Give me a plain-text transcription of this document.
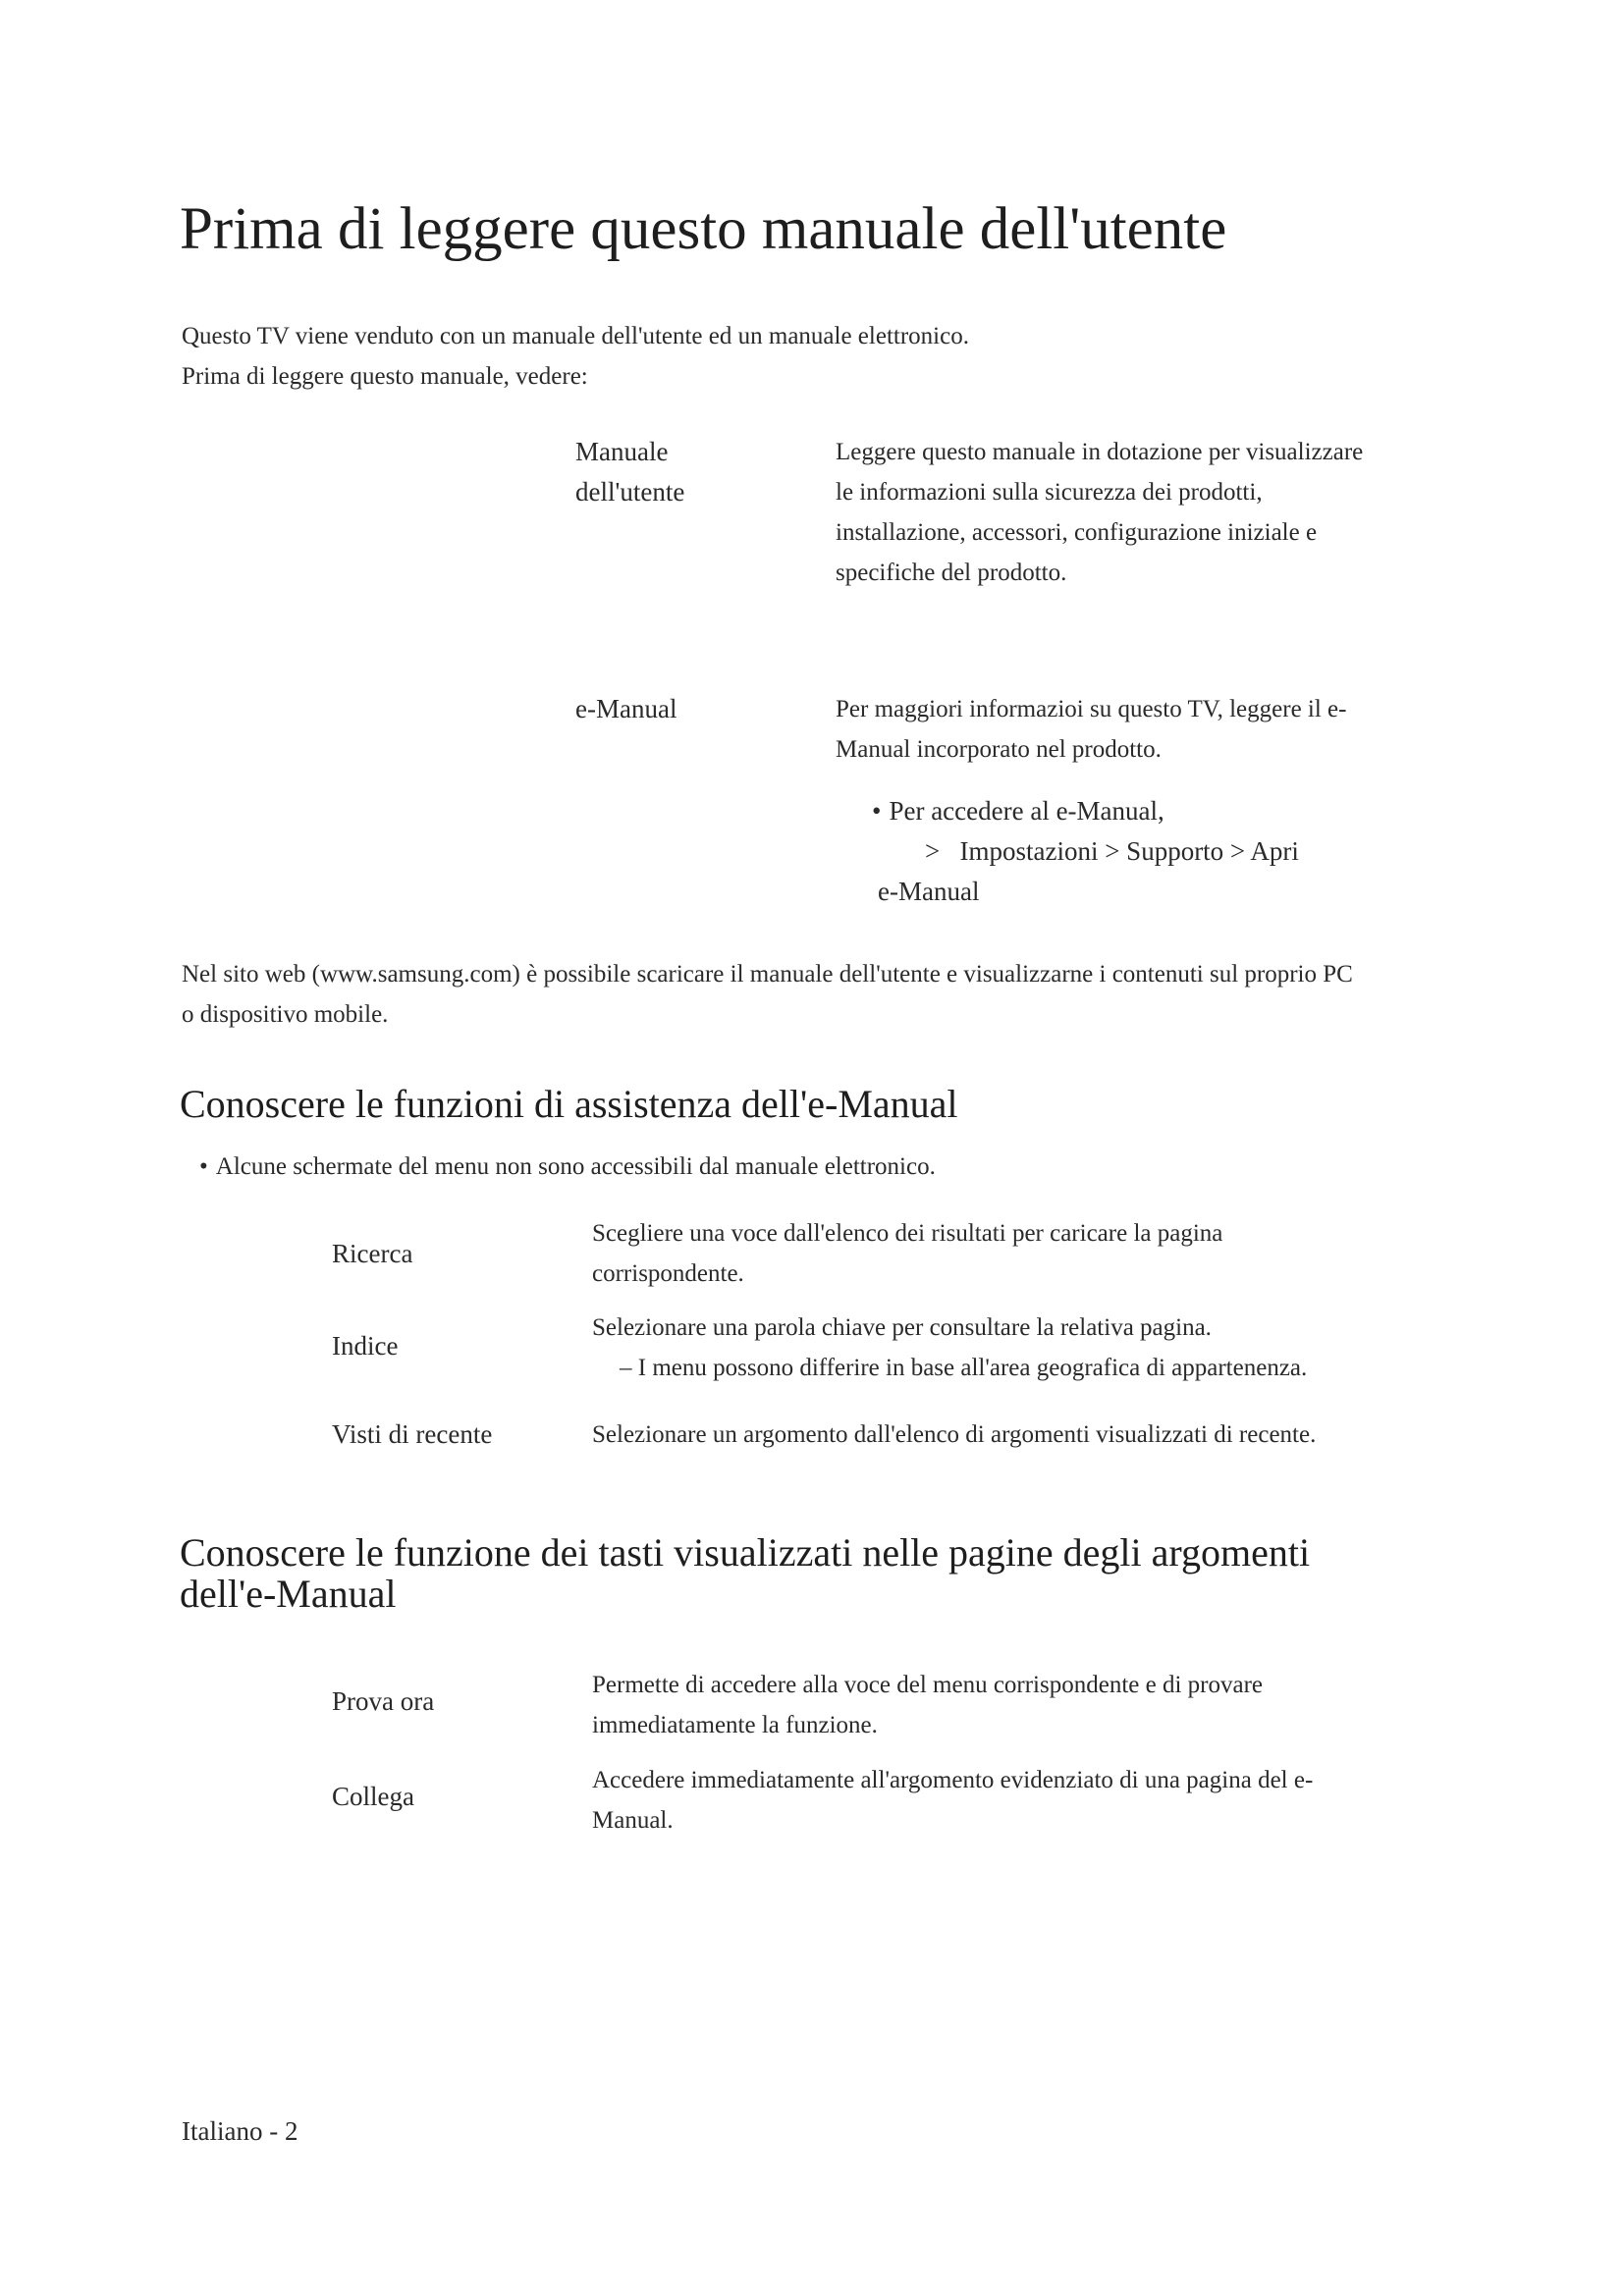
Prima di leggere questo manuale dell'utente
Questo TV viene venduto con un manuale dell'utente ed un manuale elettronico.
Prima di leggere questo manuale, vedere:
Manuale
dell'utente
Leggere questo manuale in dotazione per visualizzare le informazioni sulla sicurezza dei prodotti, installazione, accessori, configurazione iniziale e specifiche del prodotto.
e-Manual	Per maggiori informazioi su questo TV, leggere il e-Manual incorporato nel prodotto.
• Per accedere al e-Manual,
>   Impostazioni > Supporto > Apri
e-Manual
Nel sito web (www.samsung.com) è possibile scaricare il manuale dell'utente e visualizzarne i contenuti sul proprio PC o dispositivo mobile.
Conoscere le funzioni di assistenza dell'e-Manual
• Alcune schermate del menu non sono accessibili dal manuale elettronico.
Ricerca
Scegliere una voce dall'elenco dei risultati per caricare la pagina corrispondente.
Indice
Selezionare una parola chiave per consultare la relativa pagina.
– I menu possono differire in base all'area geografica di appartenenza.
Visti di recente	Selezionare un argomento dall'elenco di argomenti visualizzati di recente.
Conoscere le funzione dei tasti visualizzati nelle pagine degli argomenti dell'e-Manual
Prova ora
Permette di accedere alla voce del menu corrispondente e di provare immediatamente la funzione.
Collega
Accedere immediatamente all'argomento evidenziato di una pagina del e-Manual.
Italiano - 2
